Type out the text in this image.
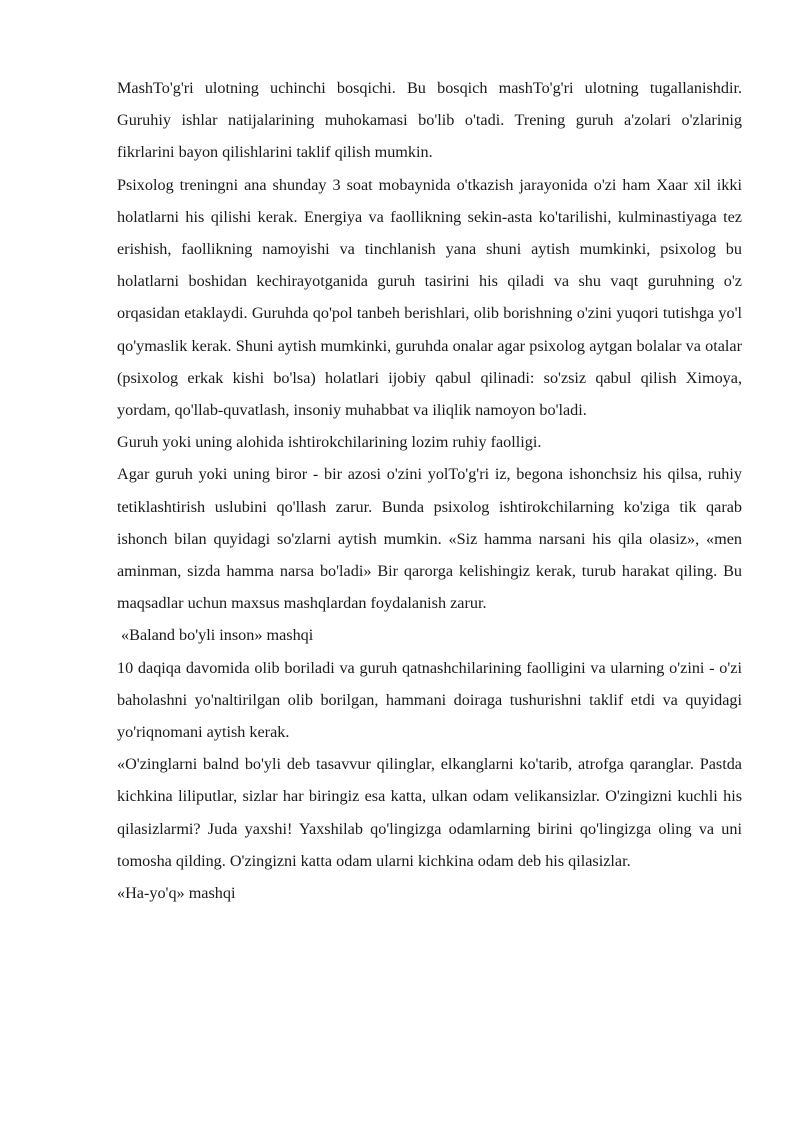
MashTo'g'ri ulotning uchinchi bosqichi. Bu bosqich mashTo'g'ri ulotning tugallanishdir. Guruhiy ishlar natijalarining muhokamasi bo'lib o'tadi. Trening guruh a'zolari o'zlarinig fikrlarini bayon qilishlarini taklif qilish mumkin.

Psixolog treningni ana shunday 3 soat mobaynida o'tkazish jarayonida o'zi ham Xaar xil ikki holatlarni his qilishi kerak. Energiya va faollikning sekin-asta ko'tarilishi, kulminastiyaga tez erishish, faollikning namoyishi va tinchlanish yana shuni aytish mumkinki, psixolog bu holatlarni boshidan kechirayotganida guruh tasirini his qiladi va shu vaqt guruhning o'z orqasidan etaklaydi. Guruhda qo'pol tanbeh berishlari, olib borishning o'zini yuqori tutishga yo'l qo'ymaslik kerak. Shuni aytish mumkinki, guruhda onalar agar psixolog aytgan bolalar va otalar (psixolog erkak kishi bo'lsa) holatlari ijobiy qabul qilinadi: so'zsiz qabul qilish Ximoya, yordam, qo'llab-quvatlash, insoniy muhabbat va iliqlik namoyon bo'ladi.

Guruh yoki uning alohida ishtirokchilarining lozim ruhiy faolligi.

Agar guruh yoki uning biror - bir azosi o'zini yolTo'g'ri iz, begona ishonchsiz his qilsa, ruhiy tetiklashtirish uslubini qo'llash zarur. Bunda psixolog ishtirokchilarning ko'ziga tik qarab ishonch bilan quyidagi so'zlarni aytish mumkin. «Siz hamma narsani his qila olasiz», «men aminman, sizda hamma narsa bo'ladi» Bir qarorga kelishingiz kerak, turub harakat qiling. Bu maqsadlar uchun maxsus mashqlardan foydalanish zarur.

«Baland bo'yli inson» mashqi

10 daqiqa davomida olib boriladi va guruh qatnashchilarining faolligini va ularning o'zini - o'zi baholashni yo'naltirilgan olib borilgan, hammani doiraga tushurishni taklif etdi va quyidagi yo'riqnomani aytish kerak.

«O'zinglarni balnd bo'yli deb tasavvur qilinglar, elkanglarni ko'tarib, atrofga qaranglar. Pastda kichkina liliputlar, sizlar har biringiz esa katta, ulkan odam velikansizlar. O'zingizni kuchli his qilasizlarmi? Juda yaxshi! Yaxshilab qo'lingizga odamlarning birini qo'lingizga oling va uni tomosha qilding. O'zingizni katta odam ularni kichkina odam deb his qilasizlar.

«Ha-yo'q» mashqi
